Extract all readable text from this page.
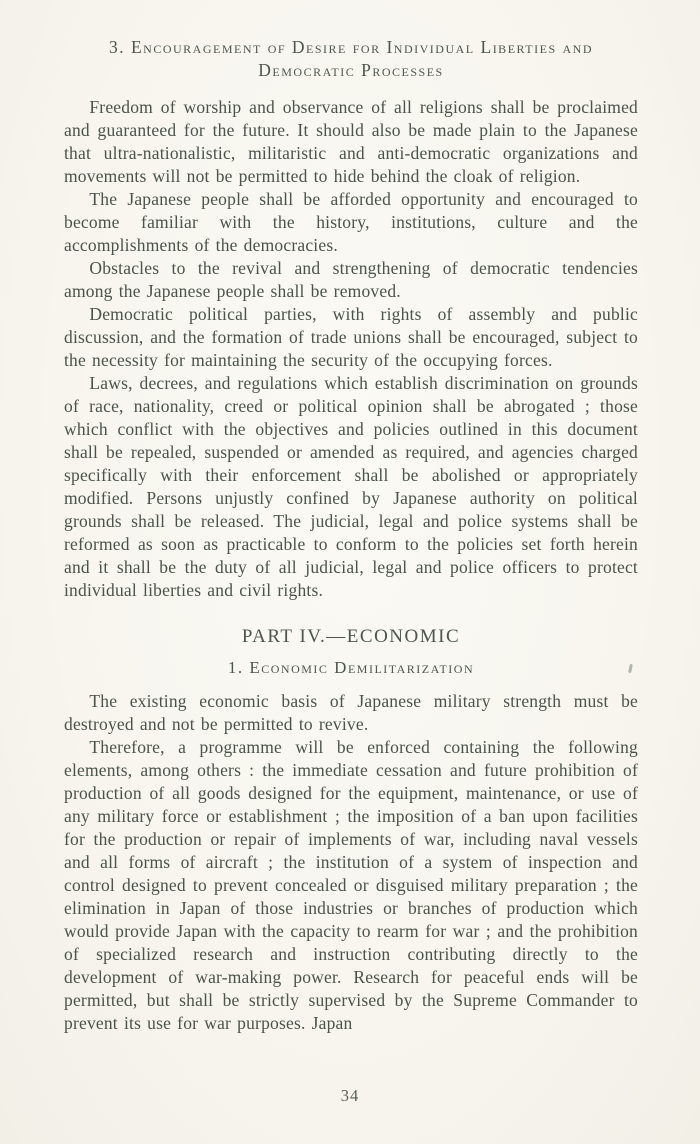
3. Encouragement of Desire for Individual Liberties and
Democratic Processes

Freedom of worship and observance of all religions shall be proclaimed and guaranteed for the future. It should also be made plain to the Japanese that ultra-nationalistic, militaristic and anti-democratic organizations and movements will not be permitted to hide behind the cloak of religion.

The Japanese people shall be afforded opportunity and encouraged to become familiar with the history, institutions, culture and the accomplishments of the democracies.

Obstacles to the revival and strengthening of democratic tendencies among the Japanese people shall be removed.

Democratic political parties, with rights of assembly and public discussion, and the formation of trade unions shall be encouraged, subject to the necessity for maintaining the security of the occupying forces.

Laws, decrees, and regulations which establish discrimination on grounds of race, nationality, creed or political opinion shall be abrogated ; those which conflict with the objectives and policies outlined in this document shall be repealed, suspended or amended as required, and agencies charged specifically with their enforcement shall be abolished or appropriately modified. Persons unjustly confined by Japanese authority on political grounds shall be released. The judicial, legal and police systems shall be reformed as soon as practicable to conform to the policies set forth herein and it shall be the duty of all judicial, legal and police officers to protect individual liberties and civil rights.

PART IV.—ECONOMIC
1. Economic Demilitarization

The existing economic basis of Japanese military strength must be destroyed and not be permitted to revive.

Therefore, a programme will be enforced containing the following elements, among others : the immediate cessation and future prohibition of production of all goods designed for the equipment, maintenance, or use of any military force or establishment ; the imposition of a ban upon facilities for the production or repair of implements of war, including naval vessels and all forms of aircraft ; the institution of a system of inspection and control designed to prevent concealed or disguised military preparation ; the elimination in Japan of those industries or branches of production which would provide Japan with the capacity to rearm for war ; and the prohibition of specialized research and instruction contributing directly to the development of war-making power. Research for peaceful ends will be permitted, but shall be strictly supervised by the Supreme Commander to prevent its use for war purposes. Japan

34
